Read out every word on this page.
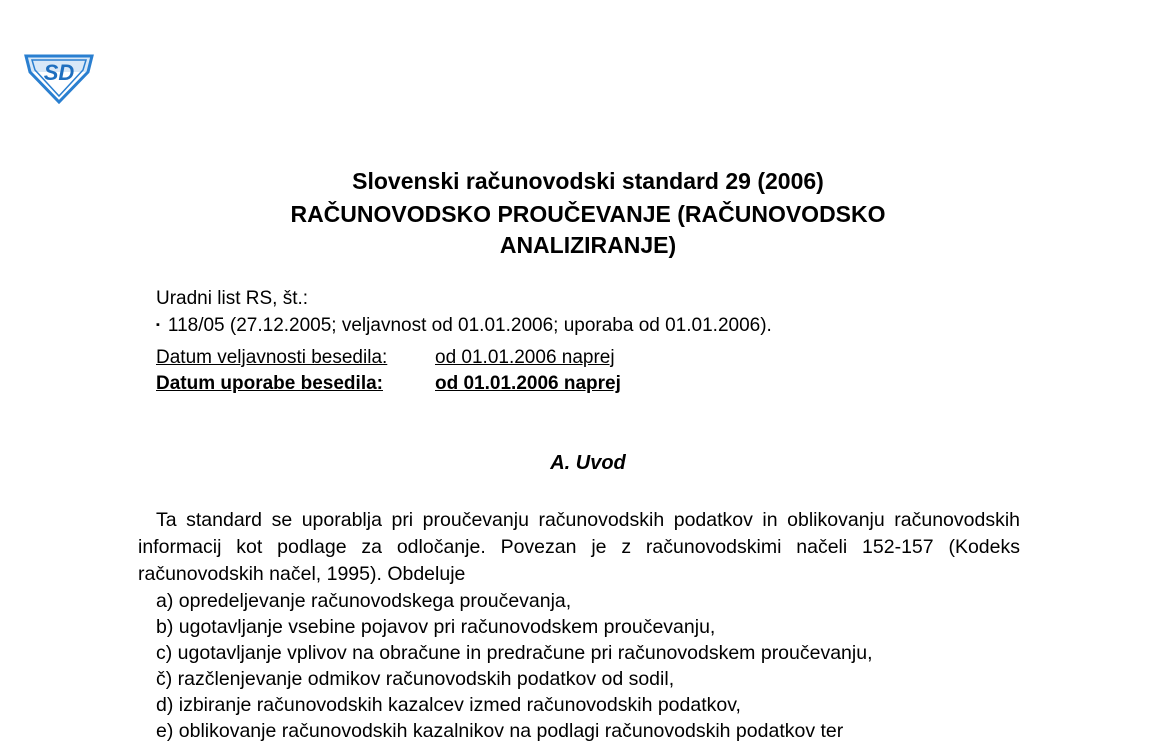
SD
Slovenski računovodski standard 29 (2006)
RAČUNOVODSKO PROUČEVANJE (RAČUNOVODSKO
ANALIZIRANJE)
Uradni list RS, št.:
▪ 118/05 (27.12.2005; veljavnost od 01.01.2006; uporaba od 01.01.2006).
Datum veljavnosti besedila:	od 01.01.2006 naprej
Datum uporabe besedila:	od 01.01.2006 naprej
A. Uvod
Ta standard se uporablja pri proučevanju računovodskih podatkov in oblikovanju računovodskih informacij kot podlage za odločanje. Povezan je z računovodskimi načeli 152-157 (Kodeks računovodskih načel, 1995). Obdeluje
a) opredeljevanje računovodskega proučevanja,
b) ugotavljanje vsebine pojavov pri računovodskem proučevanju,
c) ugotavljanje vplivov na obračune in predračune pri računovodskem proučevanju,
č) razčlenjevanje odmikov računovodskih podatkov od sodil,
d) izbiranje računovodskih kazalcev izmed računovodskih podatkov,
e) oblikovanje računovodskih kazalnikov na podlagi računovodskih podatkov ter
